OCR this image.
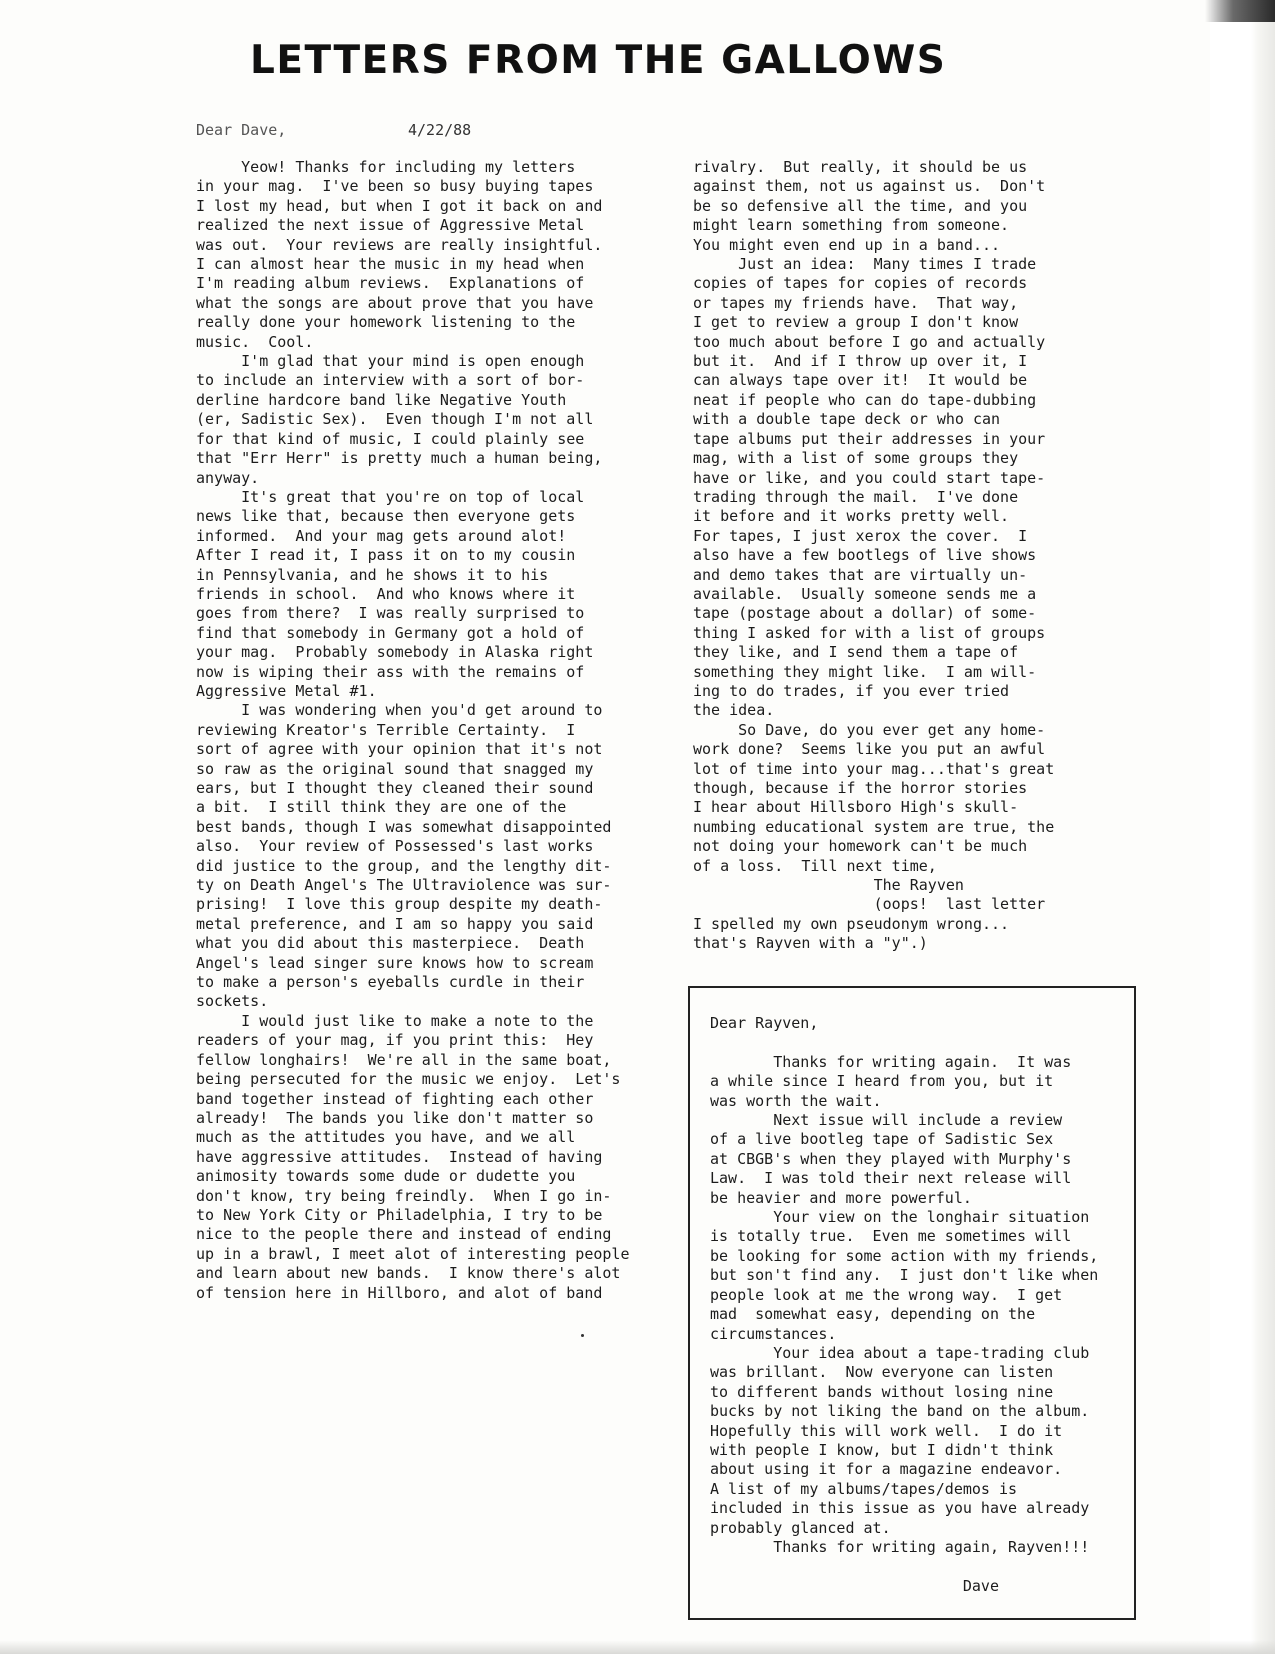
LETTERS FROM THE GALLOWS
Dear Dave,	4/22/88
Yeow! Thanks for including my letters
in your mag.  I've been so busy buying tapes
I lost my head, but when I got it back on and
realized the next issue of Aggressive Metal
was out.  Your reviews are really insightful.
I can almost hear the music in my head when
I'm reading album reviews.  Explanations of
what the songs are about prove that you have
really done your homework listening to the
music.  Cool.
I'm glad that your mind is open enough
to include an interview with a sort of bor-
derline hardcore band like Negative Youth
(er, Sadistic Sex).  Even though I'm not all
for that kind of music, I could plainly see
that "Err Herr" is pretty much a human being,
anyway.
It's great that you're on top of local
news like that, because then everyone gets
informed.  And your mag gets around alot!
After I read it, I pass it on to my cousin
in Pennsylvania, and he shows it to his
friends in school.  And who knows where it
goes from there?  I was really surprised to
find that somebody in Germany got a hold of
your mag.  Probably somebody in Alaska right
now is wiping their ass with the remains of
Aggressive Metal #1.
I was wondering when you'd get around to
reviewing Kreator's Terrible Certainty.  I
sort of agree with your opinion that it's not
so raw as the original sound that snagged my
ears, but I thought they cleaned their sound
a bit.  I still think they are one of the
best bands, though I was somewhat disappointed
also.  Your review of Possessed's last works
did justice to the group, and the lengthy dit-
ty on Death Angel's The Ultraviolence was sur-
prising!  I love this group despite my death-
metal preference, and I am so happy you said
what you did about this masterpiece.  Death
Angel's lead singer sure knows how to scream
to make a person's eyeballs curdle in their
sockets.
I would just like to make a note to the
readers of your mag, if you print this:  Hey
fellow longhairs!  We're all in the same boat,
being persecuted for the music we enjoy.  Let's
band together instead of fighting each other
already!  The bands you like don't matter so
much as the attitudes you have, and we all
have aggressive attitudes.  Instead of having
animosity towards some dude or dudette you
don't know, try being freindly.  When I go in-
to New York City or Philadelphia, I try to be
nice to the people there and instead of ending
up in a brawl, I meet alot of interesting people
and learn about new bands.  I know there's alot
of tension here in Hillboro, and alot of band
rivalry.  But really, it should be us
against them, not us against us.  Don't
be so defensive all the time, and you
might learn something from someone.
You might even end up in a band...
Just an idea:  Many times I trade
copies of tapes for copies of records
or tapes my friends have.  That way,
I get to review a group I don't know
too much about before I go and actually
but it.  And if I throw up over it, I
can always tape over it!  It would be
neat if people who can do tape-dubbing
with a double tape deck or who can
tape albums put their addresses in your
mag, with a list of some groups they
have or like, and you could start tape-
trading through the mail.  I've done
it before and it works pretty well.
For tapes, I just xerox the cover.  I
also have a few bootlegs of live shows
and demo takes that are virtually un-
available.  Usually someone sends me a
tape (postage about a dollar) of some-
thing I asked for with a list of groups
they like, and I send them a tape of
something they might like.  I am will-
ing to do trades, if you ever tried
the idea.
So Dave, do you ever get any home-
work done?  Seems like you put an awful
lot of time into your mag...that's great
though, because if the horror stories
I hear about Hillsboro High's skull-
numbing educational system are true, the
not doing your homework can't be much
of a loss.  Till next time,
The Rayven
(oops!  last letter
I spelled my own pseudonym wrong...
that's Rayven with a "y".)
Dear Rayven,

Thanks for writing again.  It was
a while since I heard from you, but it
was worth the wait.
Next issue will include a review
of a live bootleg tape of Sadistic Sex
at CBGB's when they played with Murphy's
Law.  I was told their next release will
be heavier and more powerful.
Your view on the longhair situation
is totally true.  Even me sometimes will
be looking for some action with my friends,
but son't find any.  I just don't like when
people look at me the wrong way.  I get
mad  somewhat easy, depending on the
circumstances.
Your idea about a tape-trading club
was brillant.  Now everyone can listen
to different bands without losing nine
bucks by not liking the band on the album.
Hopefully this will work well.  I do it
with people I know, but I didn't think
about using it for a magazine endeavor.
A list of my albums/tapes/demos is
included in this issue as you have already
probably glanced at.
Thanks for writing again, Rayven!!!

Dave
